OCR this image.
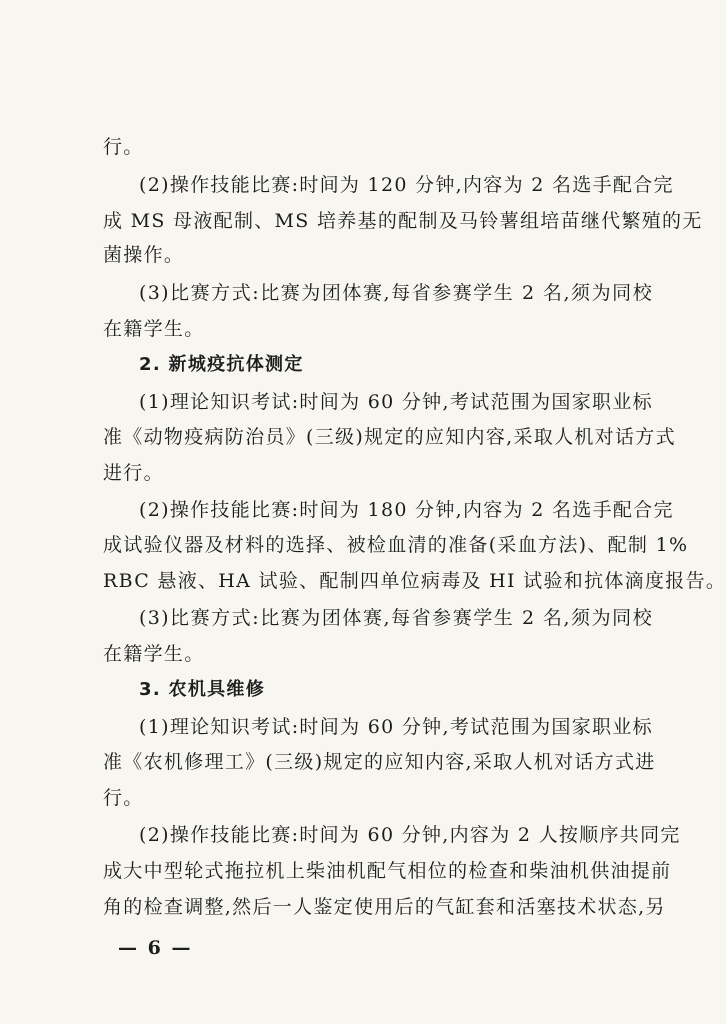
行。
(2)操作技能比赛:时间为 120 分钟,内容为 2 名选手配合完
成 MS 母液配制、MS 培养基的配制及马铃薯组培苗继代繁殖的无
菌操作。
(3)比赛方式:比赛为团体赛,每省参赛学生 2 名,须为同校
在籍学生。
2. 新城疫抗体测定
(1)理论知识考试:时间为 60 分钟,考试范围为国家职业标
准《动物疫病防治员》(三级)规定的应知内容,采取人机对话方式
进行。
(2)操作技能比赛:时间为 180 分钟,内容为 2 名选手配合完
成试验仪器及材料的选择、被检血清的准备(采血方法)、配制 1%
RBC 悬液、HA 试验、配制四单位病毒及 HI 试验和抗体滴度报告。
(3)比赛方式:比赛为团体赛,每省参赛学生 2 名,须为同校
在籍学生。
3. 农机具维修
(1)理论知识考试:时间为 60 分钟,考试范围为国家职业标
准《农机修理工》(三级)规定的应知内容,采取人机对话方式进
行。
(2)操作技能比赛:时间为 60 分钟,内容为 2 人按顺序共同完
成大中型轮式拖拉机上柴油机配气相位的检查和柴油机供油提前
角的检查调整,然后一人鉴定使用后的气缸套和活塞技术状态,另
— 6 —
